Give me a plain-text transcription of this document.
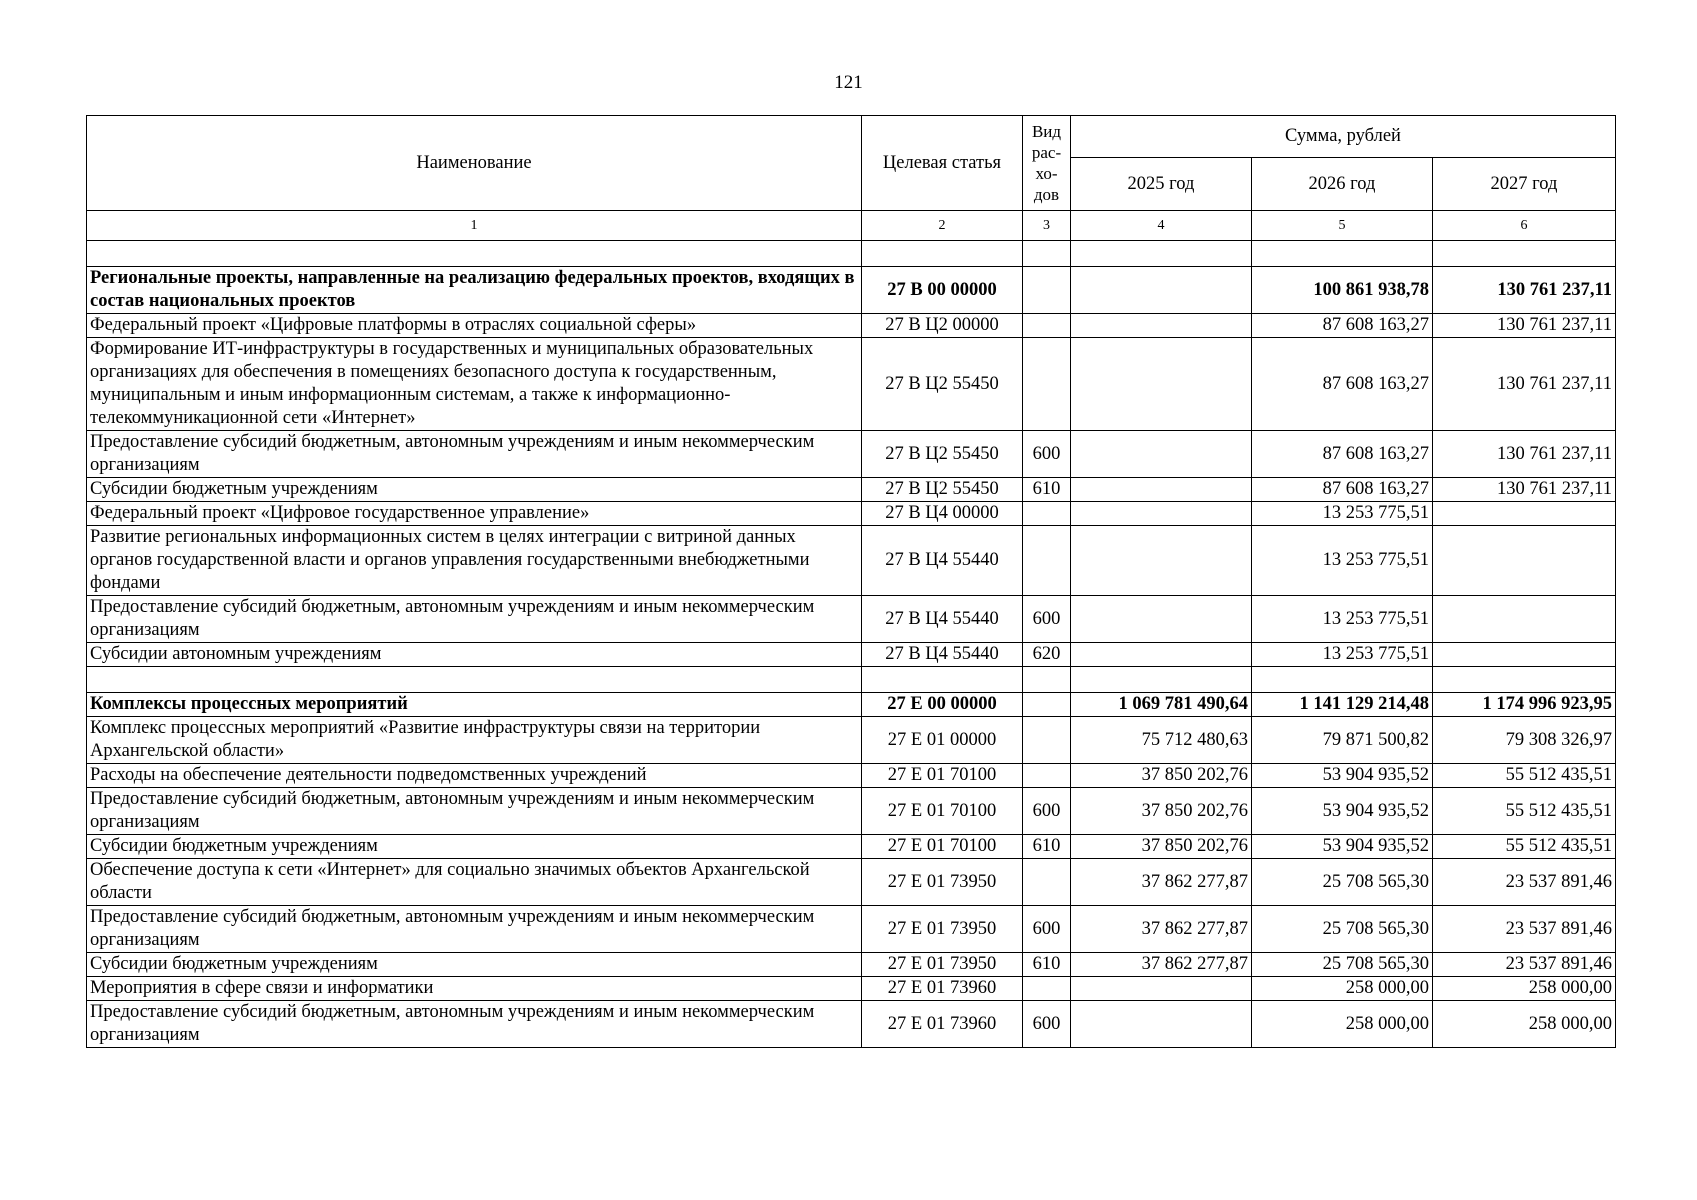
121
Наименование	Целевая статья	Вид рас-хо-дов	Сумма, рублей		
			2025 год	2026 год	2027 год
1	2	3	4	5	6

Региональные проекты, направленные на реализацию федеральных проектов, входящих в состав национальных проектов	27 В 00 00000			100 861 938,78	130 761 237,11
Федеральный проект «Цифровые платформы в отраслях социальной сферы»	27 В Ц2 00000			87 608 163,27	130 761 237,11
Формирование ИТ-инфраструктуры в государственных и муниципальных образовательных организациях для обеспечения в помещениях безопасного доступа к государственным, муниципальным и иным информационным системам, а также к информационно-телекоммуникационной сети «Интернет»	27 В Ц2 55450			87 608 163,27	130 761 237,11
Предоставление субсидий бюджетным, автономным учреждениям и иным некоммерческим организациям	27 В Ц2 55450	600		87 608 163,27	130 761 237,11
Субсидии бюджетным учреждениям	27 В Ц2 55450	610		87 608 163,27	130 761 237,11
Федеральный проект «Цифровое государственное управление»	27 В Ц4 00000			13 253 775,51	
Развитие региональных информационных систем в целях интеграции с витриной данных органов государственной власти и органов управления государственными внебюджетными фондами	27 В Ц4 55440			13 253 775,51	
Предоставление субсидий бюджетным, автономным учреждениям и иным некоммерческим организациям	27 В Ц4 55440	600		13 253 775,51	
Субсидии автономным учреждениям	27 В Ц4 55440	620		13 253 775,51	

Комплексы процессных мероприятий	27 Е 00 00000		1 069 781 490,64	1 141 129 214,48	1 174 996 923,95
Комплекс процессных мероприятий «Развитие инфраструктуры связи на территории Архангельской области»	27 Е 01 00000		75 712 480,63	79 871 500,82	79 308 326,97
Расходы на обеспечение деятельности подведомственных учреждений	27 Е 01 70100		37 850 202,76	53 904 935,52	55 512 435,51
Предоставление субсидий бюджетным, автономным учреждениям и иным некоммерческим организациям	27 Е 01 70100	600	37 850 202,76	53 904 935,52	55 512 435,51
Субсидии бюджетным учреждениям	27 Е 01 70100	610	37 850 202,76	53 904 935,52	55 512 435,51
Обеспечение доступа к сети «Интернет» для социально значимых объектов Архангельской области	27 Е 01 73950		37 862 277,87	25 708 565,30	23 537 891,46
Предоставление субсидий бюджетным, автономным учреждениям и иным некоммерческим организациям	27 Е 01 73950	600	37 862 277,87	25 708 565,30	23 537 891,46
Субсидии бюджетным учреждениям	27 Е 01 73950	610	37 862 277,87	25 708 565,30	23 537 891,46
Мероприятия в сфере связи и информатики	27 Е 01 73960			258 000,00	258 000,00
Предоставление субсидий бюджетным, автономным учреждениям и иным некоммерческим организациям	27 Е 01 73960	600		258 000,00	258 000,00
